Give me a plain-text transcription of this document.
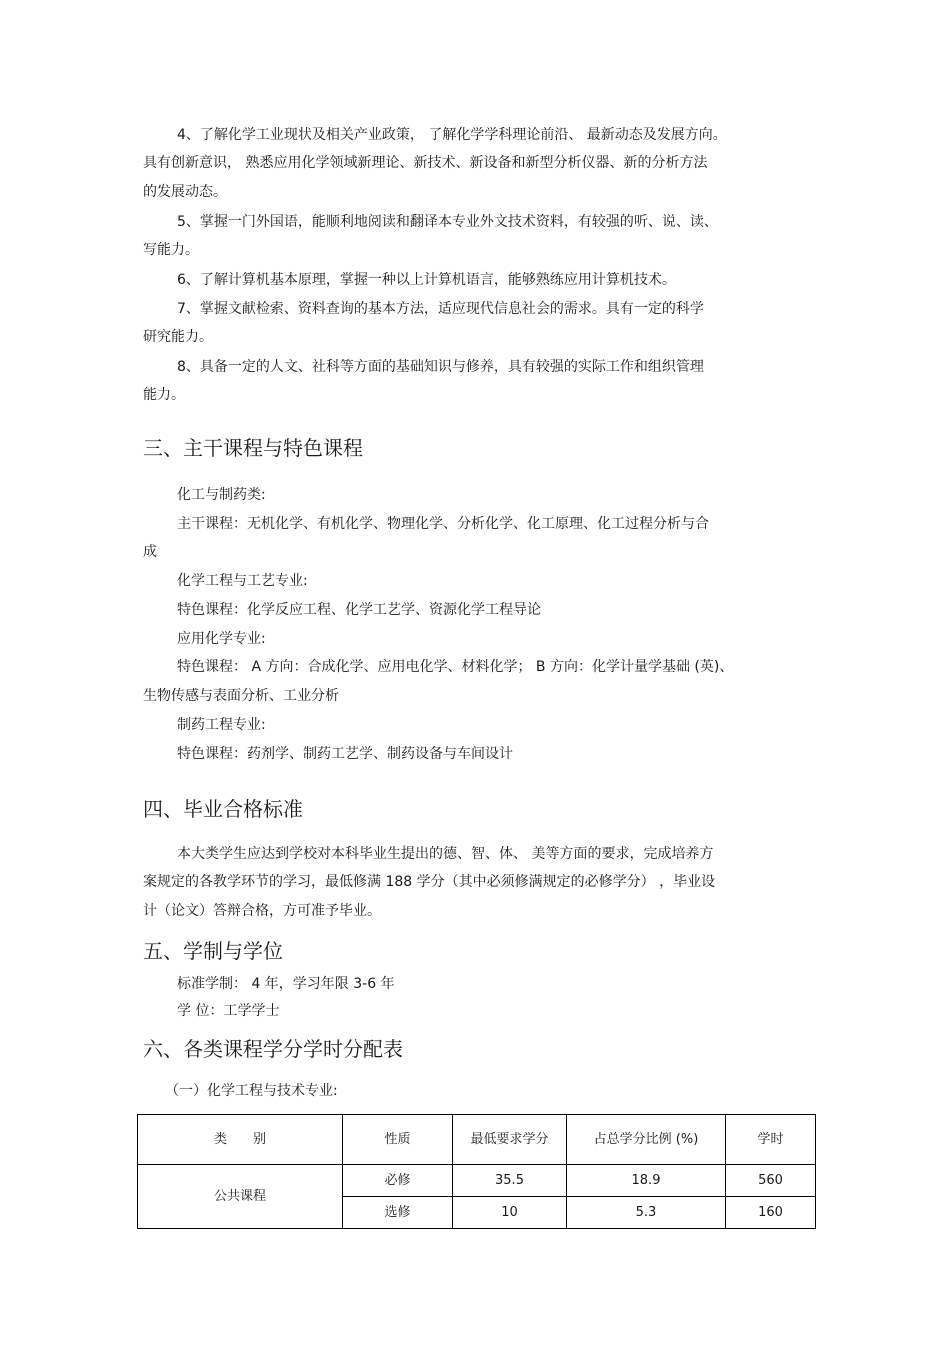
4、了解化学工业现状及相关产业政策， 了解化学学科理论前沿、 最新动态及发展方向。
具有创新意识， 熟悉应用化学领域新理论、新技术、新设备和新型分析仪器、新的分析方法
的发展动态。
5、掌握一门外国语，能顺利地阅读和翻译本专业外文技术资料，有较强的听、说、读、
写能力。
6、了解计算机基本原理，掌握一种以上计算机语言，能够熟练应用计算机技术。
7、掌握文献检索、资料查询的基本方法，适应现代信息社会的需求。具有一定的科学
研究能力。
8、具备一定的人文、社科等方面的基础知识与修养，具有较强的实际工作和组织管理
能力。
三、主干课程与特色课程
化工与制药类:
主干课程：无机化学、有机化学、物理化学、分析化学、化工原理、化工过程分析与合
成
化学工程与工艺专业:
特色课程：化学反应工程、化学工艺学、资源化学工程导论
应用化学专业:
特色课程： A 方向：合成化学、应用电化学、材料化学； B 方向：化学计量学基础 (英)、
生物传感与表面分析、工业分析
制药工程专业:
特色课程：药剂学、制药工艺学、制药设备与车间设计
四、毕业合格标准
本大类学生应达到学校对本科毕业生提出的德、智、体、 美等方面的要求，完成培养方
案规定的各教学环节的学习，最低修满 188 学分（其中必须修满规定的必修学分） ，毕业设
计（论文）答辩合格，方可准予毕业。
五、学制与学位
标准学制： 4 年，学习年限 3-6 年
学 位：工学学士
六、各类课程学分学时分配表
（一）化学工程与技术专业:
类　　别	性质	最低要求学分	占总学分比例 (%)	学时
公共课程	必修	35.5	18.9	560
	选修	10	5.3	160
